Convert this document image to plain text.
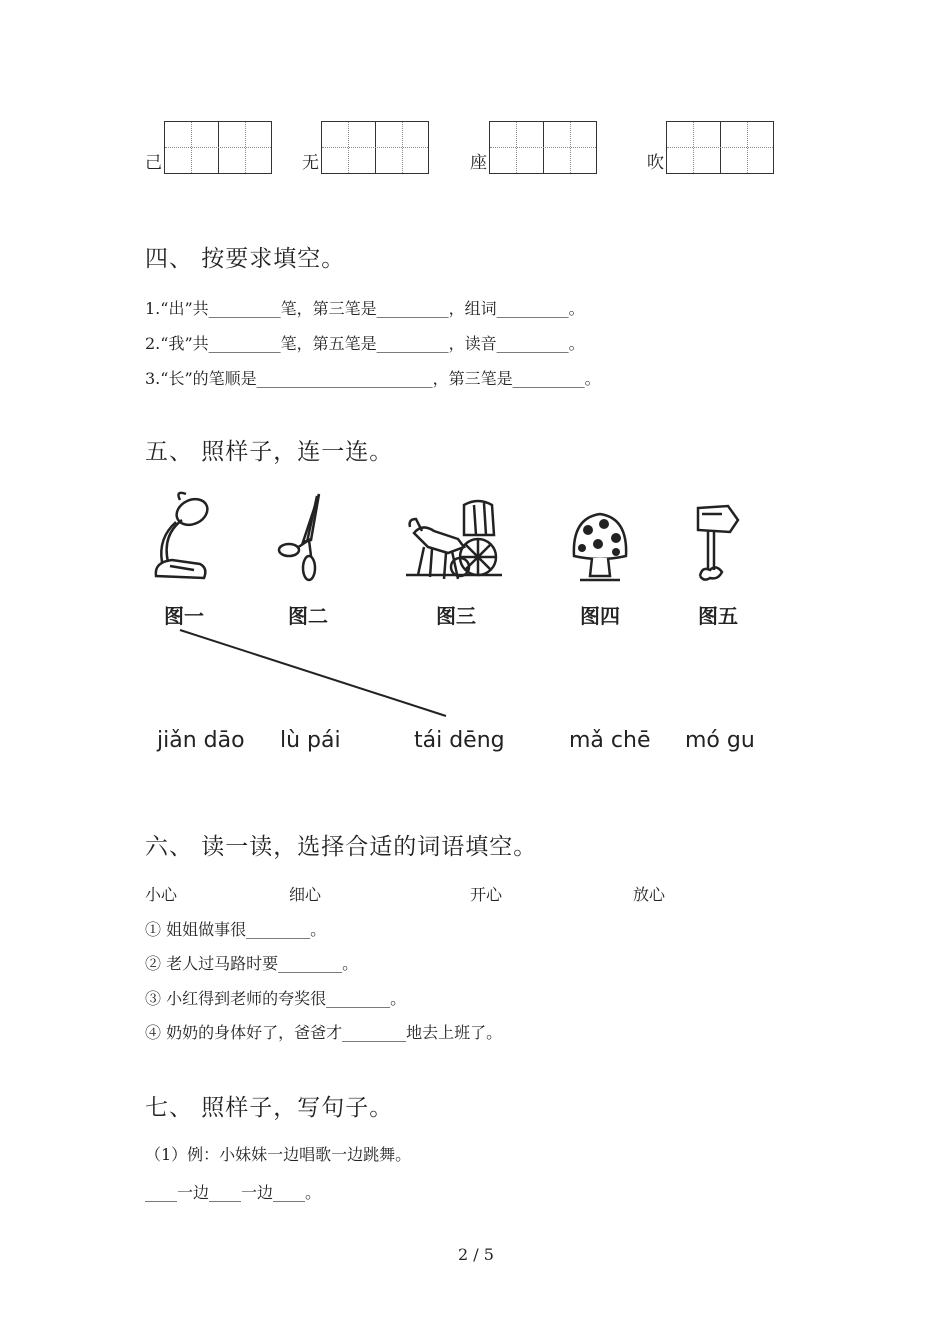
己	无	座	吹
四、 按要求填空。
1.“出”共_________笔，第三笔是_________，组词_________。
2.“我”共_________笔，第五笔是_________，读音_________。
3.“长”的笔顺是______________________，第三笔是_________。
五、 照样子，连一连。
图一	图二	图三	图四	图五
jiǎn dāo lù pái	tái dēng	mǎ chē mó gu
六、 读一读，选择合适的词语填空。
小心	细心	开心	放心
① 姐姐做事很________。
② 老人过马路时要________。
③ 小红得到老师的夸奖很________。
④ 奶奶的身体好了，爸爸才________地去上班了。
七、 照样子，写句子。
（1）例：小妹妹一边唱歌一边跳舞。
____一边____一边____。
2 / 5
